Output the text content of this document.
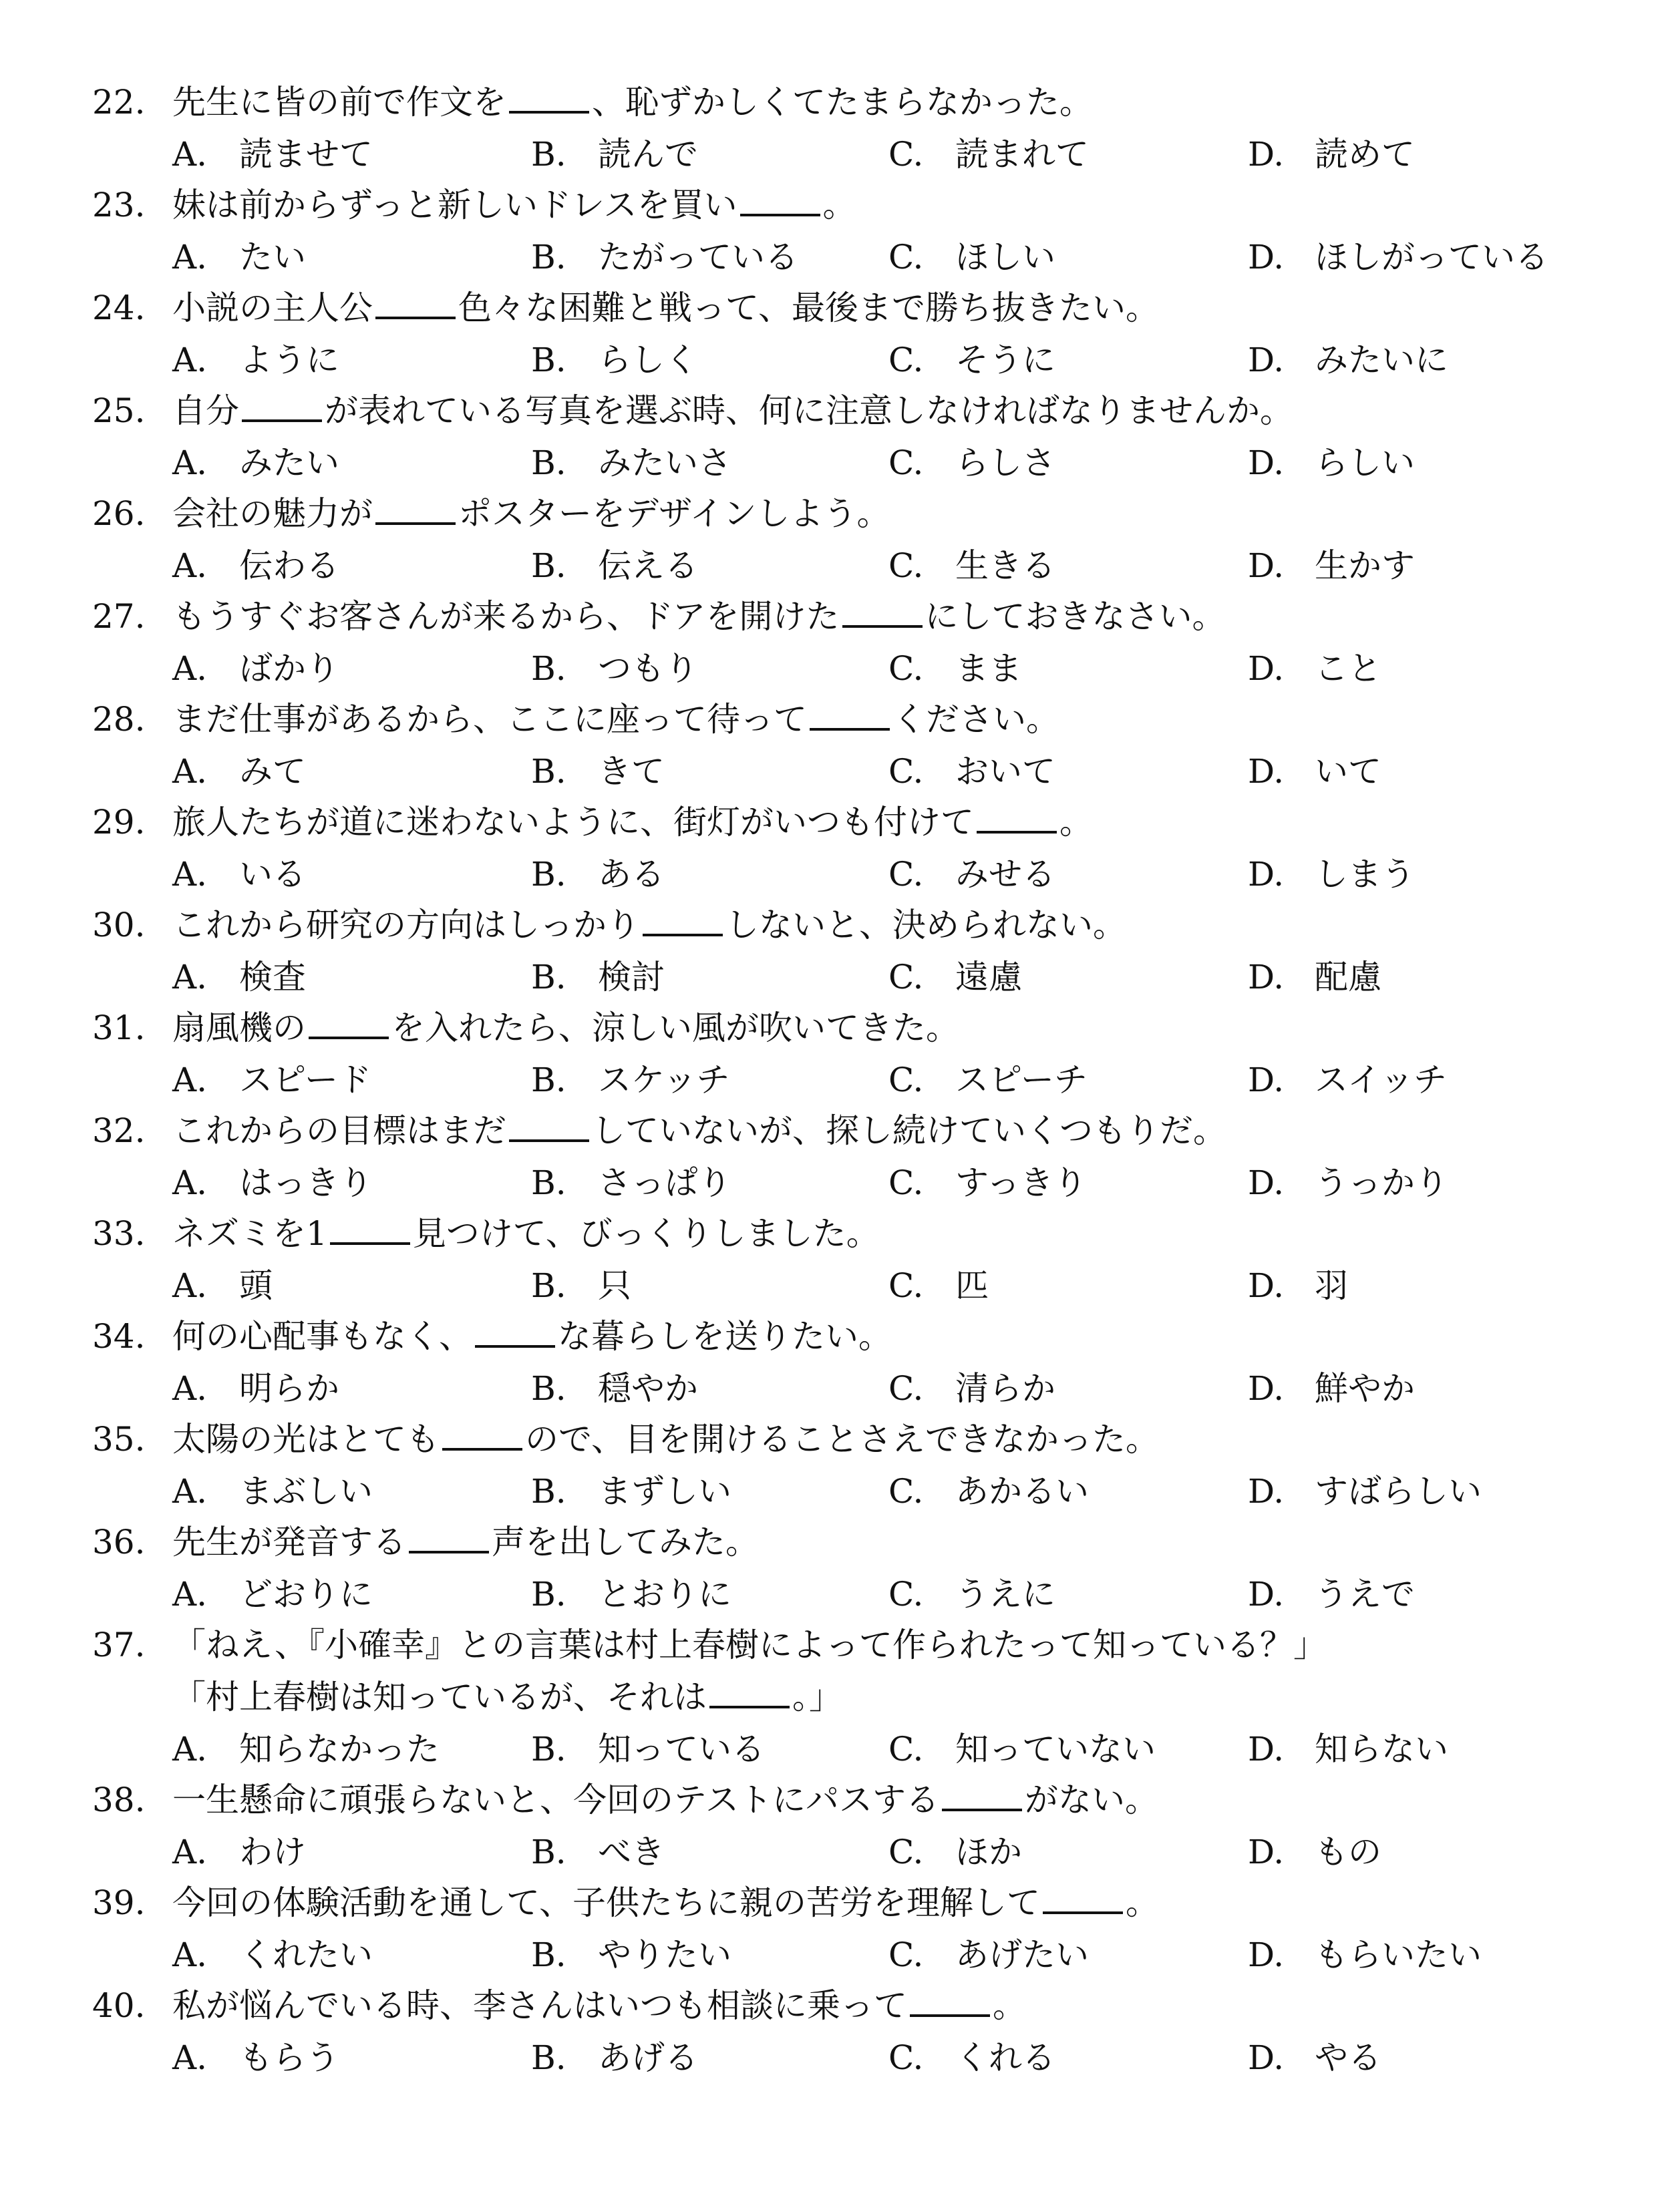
22. 先生に皆の前で作文を	、恥ずかしくてたまらなかった。
A. 読ませて	B. 読んで	C. 読まれて	D. 読めて
23. 妹は前からずっと新しいドレスを買い	。
A. たい	B. たがっている	C. ほしい	D. ほしがっている
24. 小説の主人公	色々な困難と戦って、最後まで勝ち抜きたい。
A. ように	B. らしく	C. そうに	D. みたいに
25. 自分	が表れている写真を選ぶ時、何に注意しなければなりませんか。
A. みたい	B. みたいさ	C. らしさ	D. らしい
26. 会社の魅力が	ポスターをデザインしよう。
A. 伝わる	B. 伝える	C. 生きる	D. 生かす
27. もうすぐお客さんが来るから、ドアを開けた	にしておきなさい。
A. ばかり	B. つもり	C. まま	D. こと
28. まだ仕事があるから、ここに座って待って	ください。
A. みて	B. きて	C. おいて	D. いて
29. 旅人たちが道に迷わないように、街灯がいつも付けて	。
A. いる	B. ある	C. みせる	D. しまう
30. これから研究の方向はしっかり	しないと、決められない。
A. 検査	B. 検討	C. 遠慮	D. 配慮
31. 扇風機の	を入れたら、涼しい風が吹いてきた。
A. スピード	B. スケッチ	C. スピーチ	D. スイッチ
32. これからの目標はまだ	していないが、探し続けていくつもりだ。
A. はっきり	B. さっぱり	C. すっきり	D. うっかり
33. ネズミを1	見つけて、びっくりしました。
A. 頭	B. 只	C. 匹	D. 羽
34. 何の心配事もなく、	な暮らしを送りたい。
A. 明らか	B. 穏やか	C. 清らか	D. 鮮やか
35. 太陽の光はとても	ので、目を開けることさえできなかった。
A. まぶしい	B. まずしい	C. あかるい	D. すばらしい
36. 先生が発音する	声を出してみた。
A. どおりに	B. とおりに	C. うえに	D. うえで
37. 「ねえ、『小確幸』との言葉は村上春樹によって作られたって知っている？」
「村上春樹は知っているが、それは	。」
A. 知らなかった	B. 知っている	C. 知っていない	D. 知らない
38. 一生懸命に頑張らないと、今回のテストにパスする	がない。
A. わけ	B. べき	C. ほか	D. もの
39. 今回の体験活動を通して、子供たちに親の苦労を理解して	。
A. くれたい	B. やりたい	C. あげたい	D. もらいたい
40. 私が悩んでいる時、李さんはいつも相談に乗って	。
A. もらう	B. あげる	C. くれる	D. やる
